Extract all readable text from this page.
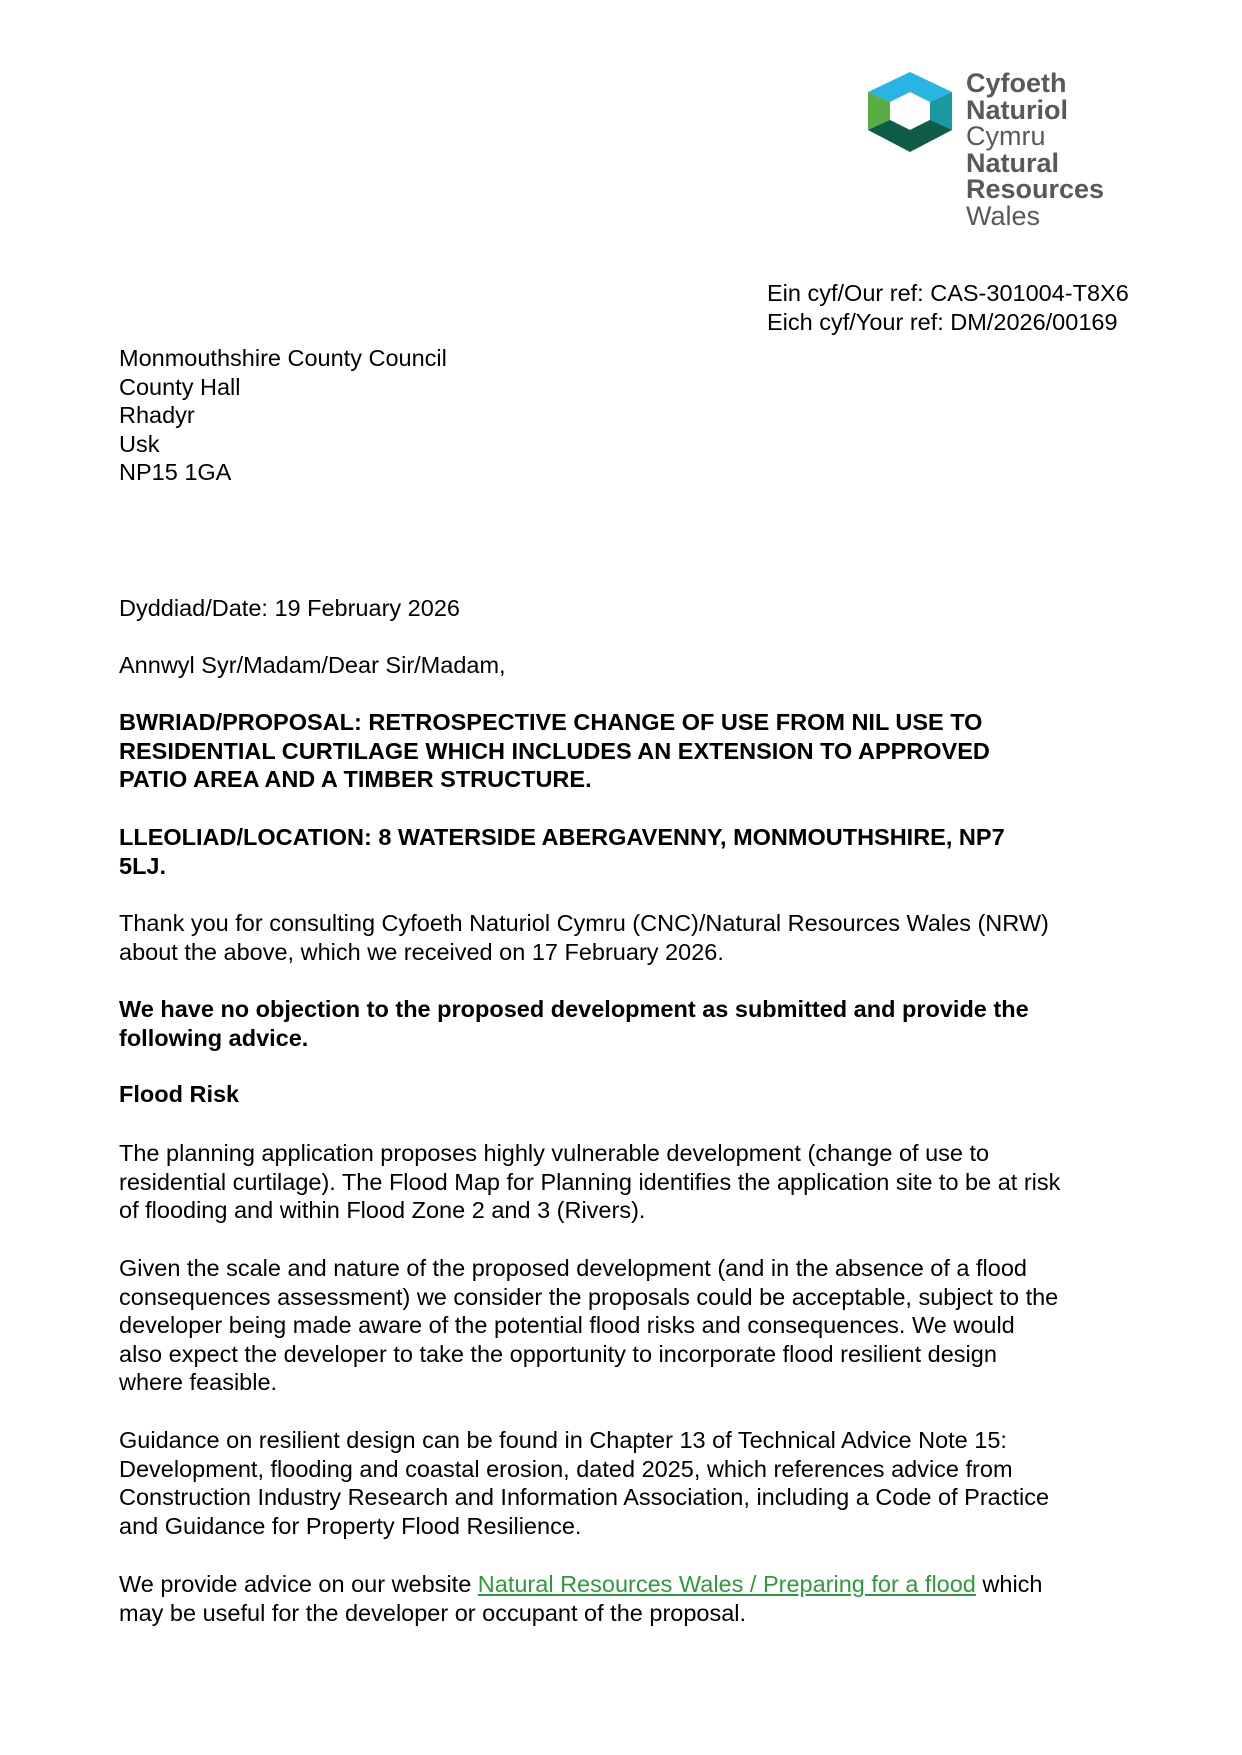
Cyfoeth
Naturiol
Cymru
Natural
Resources
Wales
Ein cyf/Our ref: CAS-301004-T8X6
Eich cyf/Your ref: DM/2026/00169
Monmouthshire County Council
County Hall
Rhadyr
Usk
NP15 1GA
Dyddiad/Date: 19 February 2026
Annwyl Syr/Madam/Dear Sir/Madam,
BWRIAD/PROPOSAL: RETROSPECTIVE CHANGE OF USE FROM NIL USE TO
RESIDENTIAL CURTILAGE WHICH INCLUDES AN EXTENSION TO APPROVED
PATIO AREA AND A TIMBER STRUCTURE.
LLEOLIAD/LOCATION: 8 WATERSIDE ABERGAVENNY, MONMOUTHSHIRE, NP7
5LJ.
Thank you for consulting Cyfoeth Naturiol Cymru (CNC)/Natural Resources Wales (NRW)
about the above, which we received on 17 February 2026.
We have no objection to the proposed development as submitted and provide the
following advice.
Flood Risk
The planning application proposes highly vulnerable development (change of use to
residential curtilage). The Flood Map for Planning identifies the application site to be at risk
of flooding and within Flood Zone 2 and 3 (Rivers).
Given the scale and nature of the proposed development (and in the absence of a flood
consequences assessment) we consider the proposals could be acceptable, subject to the
developer being made aware of the potential flood risks and consequences. We would
also expect the developer to take the opportunity to incorporate flood resilient design
where feasible.
Guidance on resilient design can be found in Chapter 13 of Technical Advice Note 15:
Development, flooding and coastal erosion, dated 2025, which references advice from
Construction Industry Research and Information Association, including a Code of Practice
and Guidance for Property Flood Resilience.
We provide advice on our website Natural Resources Wales / Preparing for a flood which
may be useful for the developer or occupant of the proposal.
